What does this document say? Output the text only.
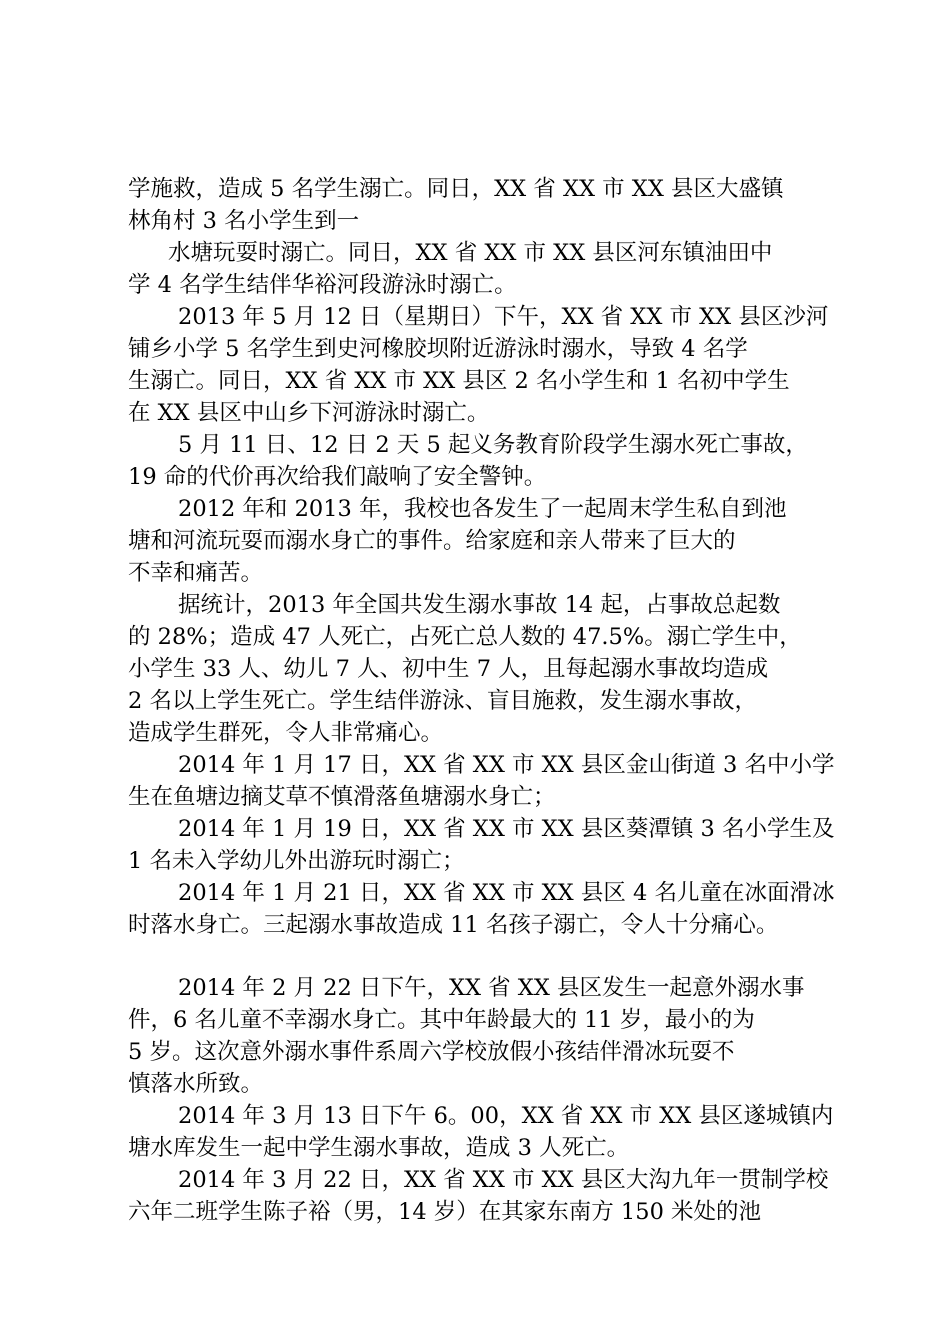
学施救，造成 5 名学生溺亡。同日，XX 省 XX 市 XX 县区大盛镇
林角村 3 名小学生到一

水塘玩耍时溺亡。同日，XX 省 XX 市 XX 县区河东镇油田中
学 4 名学生结伴华裕河段游泳时溺亡。

2013 年 5 月 12 日（星期日）下午，XX 省 XX 市 XX 县区沙河
铺乡小学 5 名学生到史河橡胶坝附近游泳时溺水，导致 4 名学
生溺亡。同日，XX 省 XX 市 XX 县区 2 名小学生和 1 名初中学生
在 XX 县区中山乡下河游泳时溺亡。

5 月 11 日、12 日 2 天 5 起义务教育阶段学生溺水死亡事故，
19 命的代价再次给我们敲响了安全警钟。

2012 年和 2013 年，我校也各发生了一起周末学生私自到池
塘和河流玩耍而溺水身亡的事件。给家庭和亲人带来了巨大的
不幸和痛苦。

据统计，2013 年全国共发生溺水事故 14 起，占事故总起数
的 28%；造成 47 人死亡，占死亡总人数的 47.5%。溺亡学生中，
小学生 33 人、幼儿 7 人、初中生 7 人，且每起溺水事故均造成
2 名以上学生死亡。学生结伴游泳、盲目施救，发生溺水事故，
造成学生群死，令人非常痛心。

2014 年 1 月 17 日，XX 省 XX 市 XX 县区金山街道 3 名中小学
生在鱼塘边摘艾草不慎滑落鱼塘溺水身亡；

2014 年 1 月 19 日，XX 省 XX 市 XX 县区葵潭镇 3 名小学生及
1 名未入学幼儿外出游玩时溺亡；

2014 年 1 月 21 日，XX 省 XX 市 XX 县区 4 名儿童在冰面滑冰
时落水身亡。三起溺水事故造成 11 名孩子溺亡，令人十分痛心。

2014 年 2 月 22 日下午，XX 省 XX 县区发生一起意外溺水事
件，6 名儿童不幸溺水身亡。其中年龄最大的 11 岁，最小的为
5 岁。这次意外溺水事件系周六学校放假小孩结伴滑冰玩耍不
慎落水所致。

2014 年 3 月 13 日下午 6。00，XX 省 XX 市 XX 县区遂城镇内
塘水库发生一起中学生溺水事故，造成 3 人死亡。

2014 年 3 月 22 日，XX 省 XX 市 XX 县区大沟九年一贯制学校
六年二班学生陈子裕（男，14 岁）在其家东南方 150 米处的池
